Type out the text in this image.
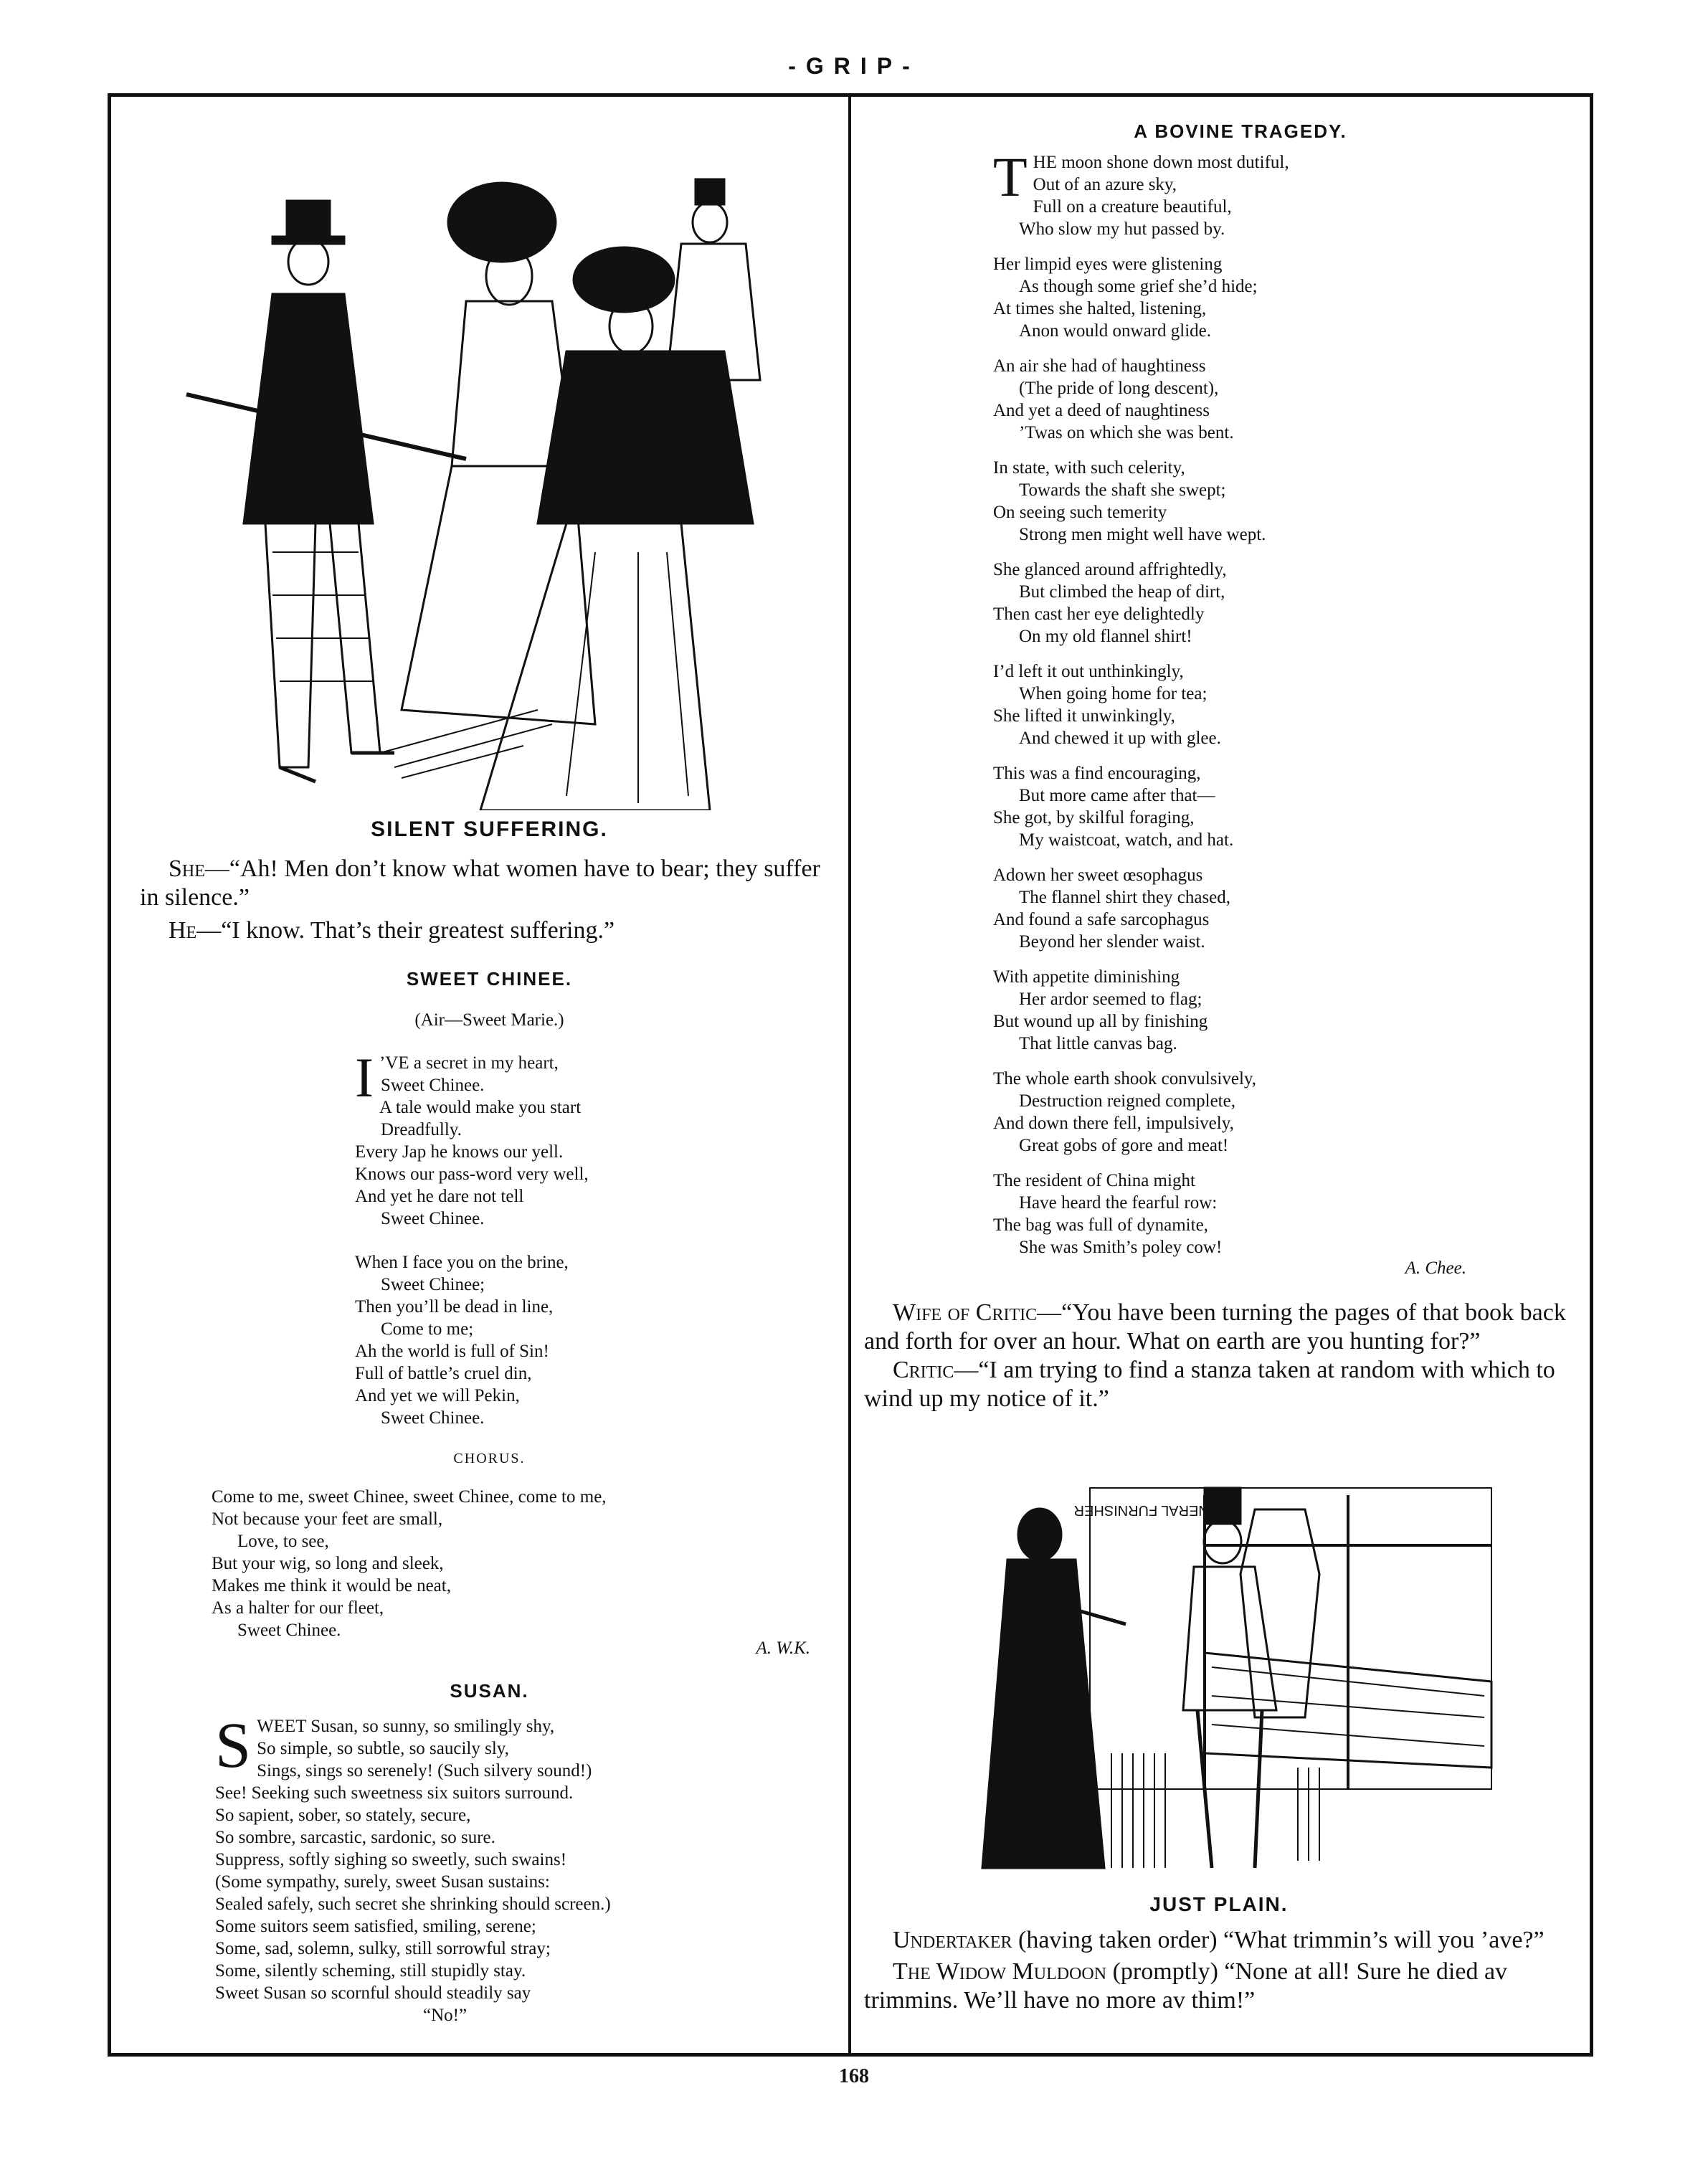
-GRIP-
SILENT SUFFERING.

She—“Ah! Men don’t know what women have to bear; they suffer in silence.”

He—“I know. That’s their greatest suffering.”

SWEET CHINEE.
(Air—Sweet Marie.)
I ’VE a secret in my heart,
Sweet Chinee.
A tale would make you start
Dreadfully.
Every Jap he knows our yell.
Knows our pass-word very well,
And yet he dare not tell
Sweet Chinee.
When I face you on the brine,
Sweet Chinee;
Then you’ll be dead in line,
Come to me;
Ah the world is full of Sin!
Full of battle’s cruel din,
And yet we will Pekin,
Sweet Chinee.
CHORUS.
Come to me, sweet Chinee, sweet Chinee, come to me,
Not because your feet are small,
Love, to see,
But your wig, so long and sleek,
Makes me think it would be neat,
As a halter for our fleet,
Sweet Chinee.
A. W.K.
SUSAN.
S WEET Susan, so sunny, so smilingly shy,
So simple, so subtle, so saucily sly,
Sings, sings so serenely! (Such silvery sound!)
See! Seeking such sweetness six suitors surround.
So sapient, sober, so stately, secure,
So sombre, sarcastic, sardonic, so sure.
Suppress, softly sighing so sweetly, such swains!
(Some sympathy, surely, sweet Susan sustains:
Sealed safely, such secret she shrinking should screen.)
Some suitors seem satisfied, smiling, serene;
Some, sad, solemn, sulky, still sorrowful stray;
Some, silently scheming, still stupidly stay.
Sweet Susan so scornful should steadily say
“No!”
A BOVINE TRAGEDY.
T HE moon shone down most dutiful,
Out of an azure sky,
Full on a creature beautiful,
Who slow my hut passed by.
Her limpid eyes were glistening
As though some grief she’d hide;
At times she halted, listening,
Anon would onward glide.
An air she had of haughtiness
(The pride of long descent),
And yet a deed of naughtiness
’Twas on which she was bent.
In state, with such celerity,
Towards the shaft she swept;
On seeing such temerity
Strong men might well have wept.
She glanced around affrightedly,
But climbed the heap of dirt,
Then cast her eye delightedly
On my old flannel shirt!
I’d left it out unthinkingly,
When going home for tea;
She lifted it unwinkingly,
And chewed it up with glee.
This was a find encouraging,
But more came after that—
She got, by skilful foraging,
My waistcoat, watch, and hat.
Adown her sweet œsophagus
The flannel shirt they chased,
And found a safe sarcophagus
Beyond her slender waist.
With appetite diminishing
Her ardor seemed to flag;
But wound up all by finishing
That little canvas bag.
The whole earth shook convulsively,
Destruction reigned complete,
And down there fell, impulsively,
Great gobs of gore and meat!
The resident of China might
Have heard the fearful row:
The bag was full of dynamite,
She was Smith’s poley cow!
A. Chee.

Wife of Critic—“You have been turning the pages of that book back and forth for over an hour. What on earth are you hunting for?”

Critic—“I am trying to find a stanza taken at random with which to wind up my notice of it.”

FUNERAL FURNISHER
JUST PLAIN.

Undertaker (having taken order) “What trimmin’s will you ’ave?”

The Widow Muldoon (promptly) “None at all! Sure he died av trimmins. We’ll have no more av thim!”

168
